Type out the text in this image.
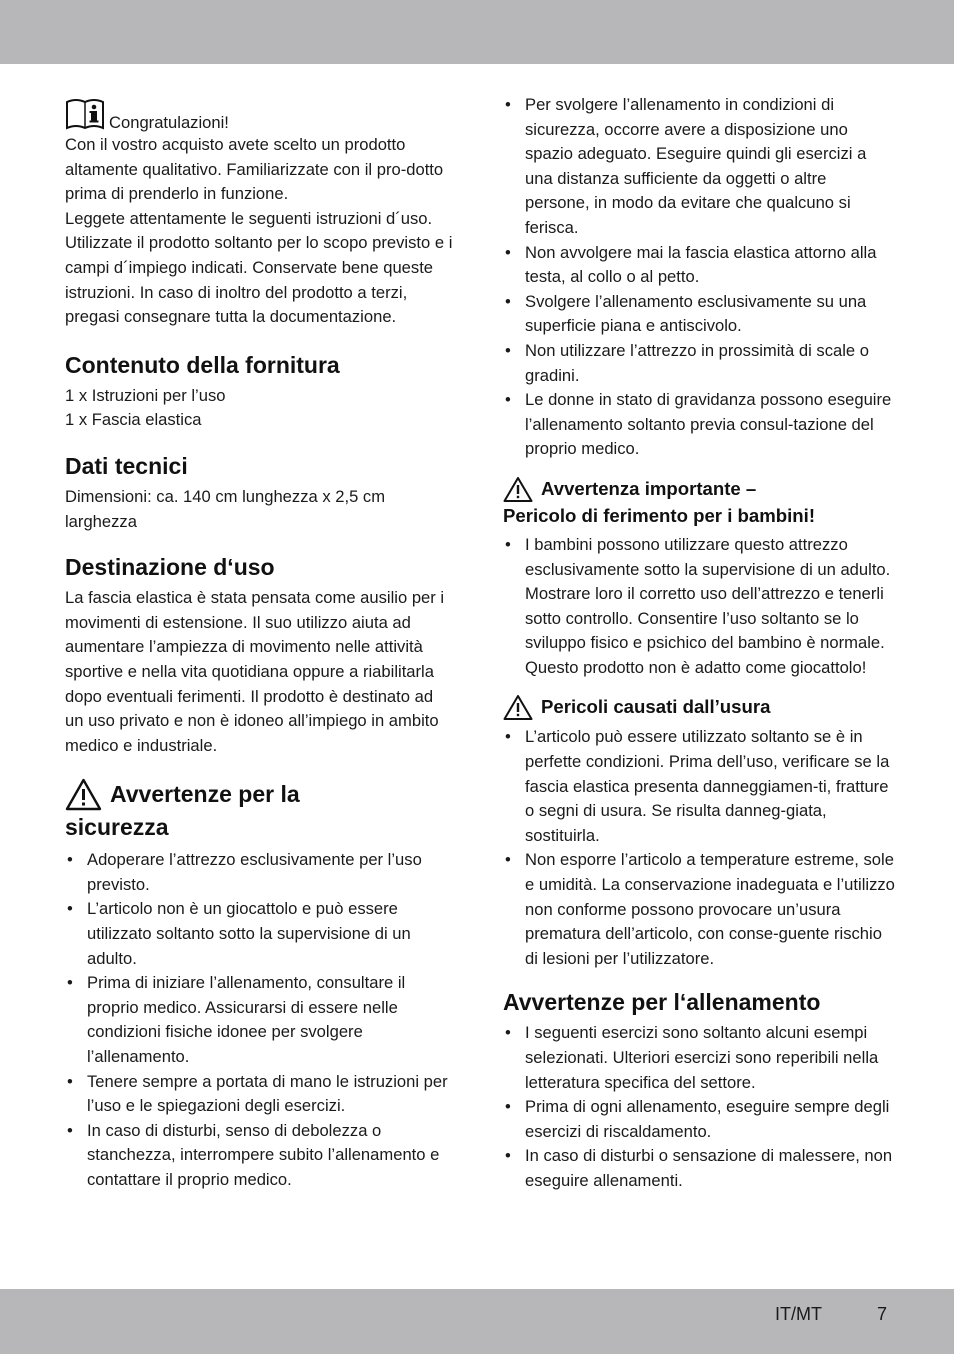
Congratulazioni!

Con il vostro acquisto avete scelto un prodotto altamente qualitativo. Familiarizzate con il pro-dotto prima di prenderlo in funzione.

Leggete attentamente le seguenti istruzioni d´uso. Utilizzate il prodotto soltanto per lo scopo previsto e i campi d´impiego indicati. Conservate bene queste istruzioni. In caso di inoltro del prodotto a terzi, pregasi consegnare tutta la documentazione.

Contenuto della fornitura
1 x Istruzioni per l’uso
1 x Fascia elastica
Dati tecnici

Dimensioni: ca. 140 cm lunghezza x 2,5 cm larghezza

Destinazione d‘uso

La fascia elastica è stata pensata come ausilio per i movimenti di estensione. Il suo utilizzo aiuta ad aumentare l’ampiezza di movimento nelle attività sportive e nella vita quotidiana oppure a riabilitarla dopo eventuali ferimenti. Il prodotto è destinato ad un uso privato e non è idoneo all’impiego in ambito medico e industriale.

Avvertenze per la
sicurezza
• Adoperare l’attrezzo esclusivamente per l’uso previsto.
• L’articolo non è un giocattolo e può essere utilizzato soltanto sotto la supervisione di un adulto.
• Prima di iniziare l’allenamento, consultare il proprio medico. Assicurarsi di essere nelle condizioni fisiche idonee per svolgere l’allenamento.
• Tenere sempre a portata di mano le istruzioni per l’uso e le spiegazioni degli esercizi.
• In caso di disturbi, senso di debolezza o stanchezza, interrompere subito l’allenamento e contattare il proprio medico.
• Per svolgere l’allenamento in condizioni di sicurezza, occorre avere a disposizione uno spazio adeguato. Eseguire quindi gli esercizi a una distanza sufficiente da oggetti o altre persone, in modo da evitare che qualcuno si ferisca.
• Non avvolgere mai la fascia elastica attorno alla testa, al collo o al petto.
• Svolgere l’allenamento esclusivamente su una superficie piana e antiscivolo.
• Non utilizzare l’attrezzo in prossimità di scale o gradini.
• Le donne in stato di gravidanza possono eseguire l’allenamento soltanto previa consul-tazione del proprio medico.
Avvertenza importante –
Pericolo di ferimento per i bambini!
• I bambini possono utilizzare questo attrezzo esclusivamente sotto la supervisione di un adulto. Mostrare loro il corretto uso dell’attrezzo e tenerli sotto controllo. Consentire l’uso soltanto se lo sviluppo fisico e psichico del bambino è normale. Questo prodotto non è adatto come giocattolo!
Pericoli causati dall’usura
• L’articolo può essere utilizzato soltanto se è in perfette condizioni. Prima dell’uso, verificare se la fascia elastica presenta danneggiamen-ti, fratture o segni di usura. Se risulta danneg-giata, sostituirla.
• Non esporre l’articolo a temperature estreme, sole e umidità. La conservazione inadeguata e l’utilizzo non conforme possono provocare un’usura prematura dell’articolo, con conse-guente rischio di lesioni per l’utilizzatore.
Avvertenze per l‘allenamento
• I seguenti esercizi sono soltanto alcuni esempi selezionati. Ulteriori esercizi sono reperibili nella letteratura specifica del settore.
• Prima di ogni allenamento, eseguire sempre degli esercizi di riscaldamento.
• In caso di disturbi o sensazione di malessere, non eseguire allenamenti.
IT/MT	7
